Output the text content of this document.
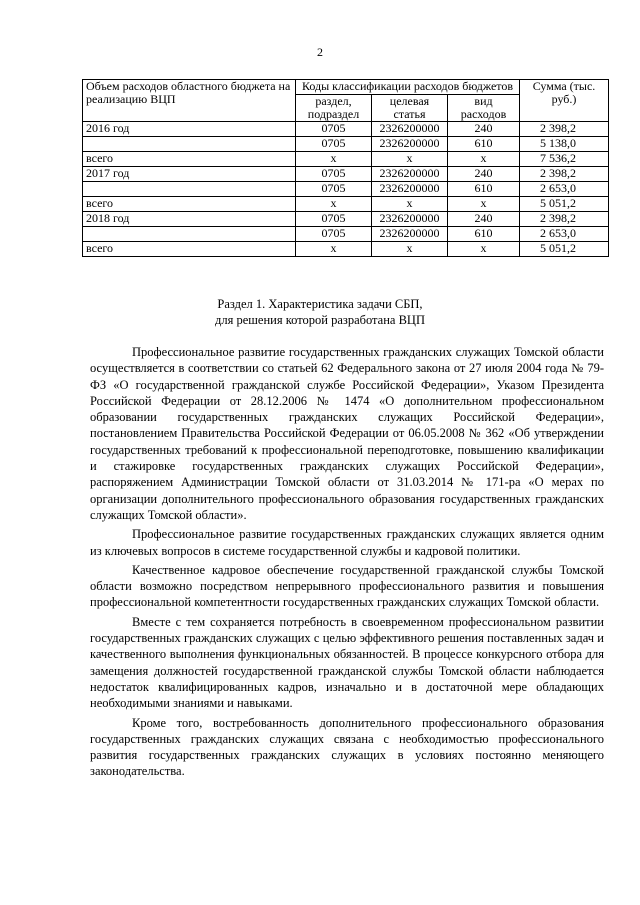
2
Объем расходов областного бюджета на реализацию ВЦП	Коды классификации расходов бюджетов			Сумма (тыс. руб.)
	раздел, подраздел	целевая статья	вид расходов	
2016 год	0705	2326200000	240	2 398,2
	0705	2326200000	610	5 138,0
всего	x	x	x	7 536,2
2017 год	0705	2326200000	240	2 398,2
	0705	2326200000	610	2 653,0
всего	x	x	x	5 051,2
2018 год	0705	2326200000	240	2 398,2
	0705	2326200000	610	2 653,0
всего	x	x	x	5 051,2
Раздел 1. Характеристика задачи СБП,
для решения которой разработана ВЦП

Профессиональное развитие государственных гражданских служащих Томской области осуществляется в соответствии со статьей 62 Федерального закона от 27 июля 2004 года № 79-ФЗ «О государственной гражданской службе Российской Федерации», Указом Президента Российской Федерации от 28.12.2006 № 1474 «О дополнительном профессиональном образовании государственных гражданских служащих Российской Федерации», постановлением Правительства Российской Федерации от 06.05.2008 № 362 «Об утверждении государственных требований к профессиональной переподготовке, повышению квалификации и стажировке государственных гражданских служащих Российской Федерации», распоряжением Администрации Томской области от 31.03.2014 № 171-ра «О мерах по организации дополнительного профессионального образования государственных гражданских служащих Томской области».

Профессиональное развитие государственных гражданских служащих является одним из ключевых вопросов в системе государственной службы и кадровой политики.

Качественное кадровое обеспечение государственной гражданской службы Томской области возможно посредством непрерывного профессионального развития и повышения профессиональной компетентности государственных гражданских служащих Томской области.

Вместе с тем сохраняется потребность в своевременном профессиональном развитии государственных гражданских служащих с целью эффективного решения поставленных задач и качественного выполнения функциональных обязанностей. В процессе конкурсного отбора для замещения должностей государственной гражданской службы Томской области наблюдается недостаток квалифицированных кадров, изначально и в достаточной мере обладающих необходимыми знаниями и навыками.

Кроме того, востребованность дополнительного профессионального образования государственных гражданских служащих связана с необходимостью профессионального развития государственных гражданских служащих в условиях постоянно меняющего законодательства.
